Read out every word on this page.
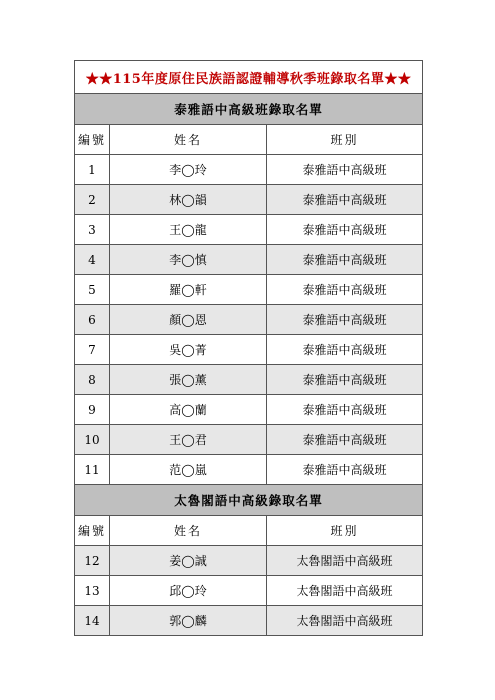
★★115年度原住民族語認證輔導秋季班錄取名單★★		
泰雅語中高級班錄取名單		
編號	姓名	班別
1	李◯玲	泰雅語中高級班
2	林◯韻	泰雅語中高級班
3	王◯龍	泰雅語中高級班
4	李◯慎	泰雅語中高級班
5	羅◯軒	泰雅語中高級班
6	顏◯恩	泰雅語中高級班
7	吳◯菁	泰雅語中高級班
8	張◯薰	泰雅語中高級班
9	高◯蘭	泰雅語中高級班
10	王◯君	泰雅語中高級班
11	范◯嵐	泰雅語中高級班
太魯閣語中高級錄取名單		
編號	姓名	班別
12	姜◯誠	太魯閣語中高級班
13	邱◯玲	太魯閣語中高級班
14	郭◯麟	太魯閣語中高級班
